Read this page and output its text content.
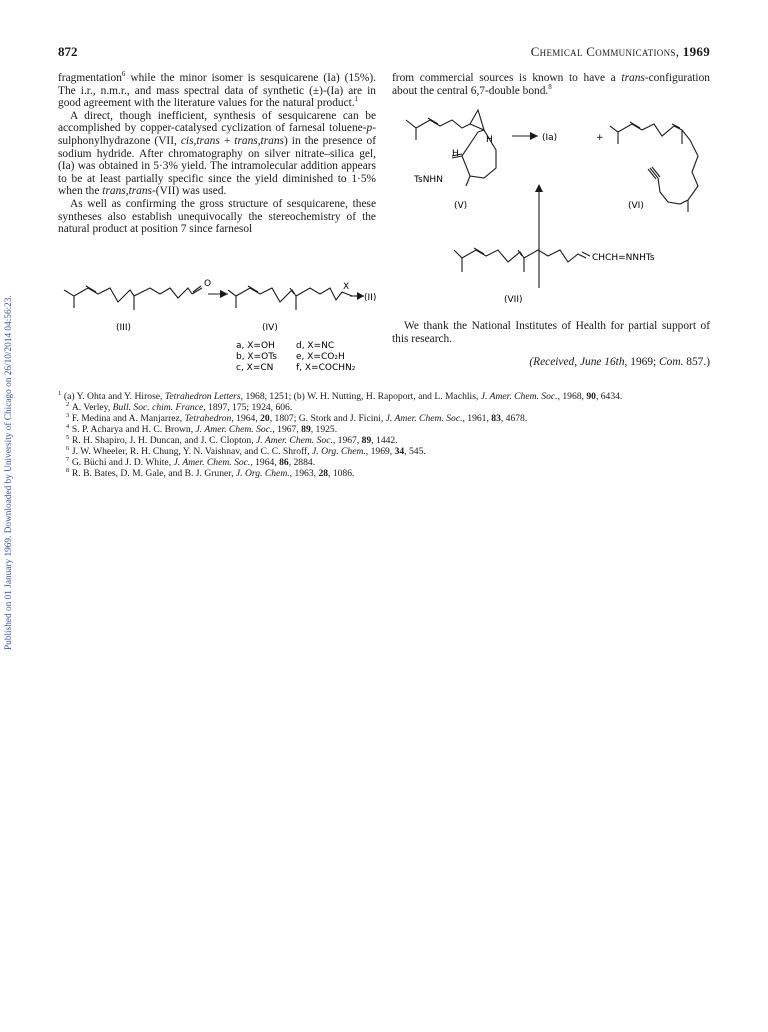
Published on 01 January 1969. Downloaded by University of Chicago on 26/10/2014 04:56:23.
872	Chemical Communications, 1969

fragmentation$^6$ while the minor isomer is sesquicarene (Ia) (15%). The i.r., n.m.r., and mass spectral data of synthetic (±)-(Ia) are in good agreement with the literature values for the natural product.$^1$

A direct, though inefficient, synthesis of sesquicarene can be accomplished by copper-catalysed cyclization of farnesal toluene-p-sulphonylhydrazone (VII, cis,trans + trans,trans) in the presence of sodium hydride. After chromatography on silver nitrate–silica gel, (Ia) was obtained in 5·3% yield. The intramolecular addition appears to be at least partially specific since the yield diminished to 1·5% when the trans,trans-(VII) was used.

As well as confirming the gross structure of sesquicarene, these syntheses also establish unequivocally the stereochemistry of the natural product at position 7 since farnesol

from commercial sources is known to have a trans-configuration about the central 6,7-double bond.$^8$

O	X
(II)
(III)	(IV)
a, X=OH d, X=NC
b, X=OTs e, X=CO₂H
c, X=CN	f, X=COCHN₂
H
H
TsNHN
(Ia)	+
(V)	(VI)
CHCH=NNHTs
(VII)
We thank the National Institutes of Health for partial support of this research.
(Received, June 16th, 1969; Com. 857.)
$^1$ (a) Y. Ohta and Y. Hirose, Tetrahedron Letters, 1968, 1251; (b) W. H. Nutting, H. Rapoport, and L. Machlis, J. Amer. Chem. Soc., 1968, 90, 6434.
$^2$ A. Verley, Bull. Soc. chim. France, 1897, 175; 1924, 606.
$^3$ F. Medina and A. Manjarrez, Tetrahedron, 1964, 20, 1807; G. Stork and J. Ficini, J. Amer. Chem. Soc., 1961, 83, 4678.
$^4$ S. P. Acharya and H. C. Brown, J. Amer. Chem. Soc., 1967, 89, 1925.
$^5$ R. H. Shapiro, J. H. Duncan, and J. C. Clopton, J. Amer. Chem. Soc., 1967, 89, 1442.
$^6$ J. W. Wheeler, R. H. Chung, Y. N. Vaishnav, and C. C. Shroff, J. Org. Chem., 1969, 34, 545.
$^7$ G. Büchi and J. D. White, J. Amer. Chem. Soc., 1964, 86, 2884.
$^8$ R. B. Bates, D. M. Gale, and B. J. Gruner, J. Org. Chem., 1963, 28, 1086.
